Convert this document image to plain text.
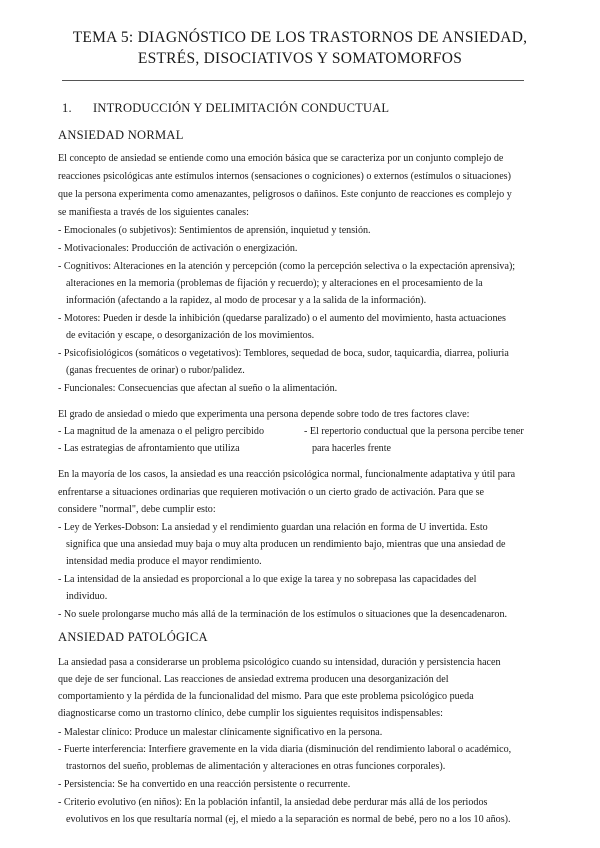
TEMA 5: DIAGNÓSTICO DE LOS TRASTORNOS DE ANSIEDAD,
ESTRÉS, DISOCIATIVOS Y SOMATOMORFOS
1. INTRODUCCIÓN Y DELIMITACIÓN CONDUCTUAL
ANSIEDAD NORMAL
El concepto de ansiedad se entiende como una emoción básica que se caracteriza por un conjunto complejo de
reacciones psicológicas ante estímulos internos (sensaciones o cogniciones) o externos (estímulos o situaciones)
que la persona experimenta como amenazantes, peligrosos o dañinos. Este conjunto de reacciones es complejo y
se manifiesta a través de los siguientes canales:
- Emocionales (o subjetivos): Sentimientos de aprensión, inquietud y tensión.
- Motivacionales: Producción de activación o energización.
- Cognitivos: Alteraciones en la atención y percepción (como la percepción selectiva o la expectación aprensiva);
alteraciones en la memoria (problemas de fijación y recuerdo); y alteraciones en el procesamiento de la
información (afectando a la rapidez, al modo de procesar y a la salida de la información).
- Motores: Pueden ir desde la inhibición (quedarse paralizado) o el aumento del movimiento, hasta actuaciones
de evitación y escape, o desorganización de los movimientos.
- Psicofisiológicos (somáticos o vegetativos): Temblores, sequedad de boca, sudor, taquicardia, diarrea, poliuria
(ganas frecuentes de orinar) o rubor/palidez.
- Funcionales: Consecuencias que afectan al sueño o la alimentación.
El grado de ansiedad o miedo que experimenta una persona depende sobre todo de tres factores clave:
- La magnitud de la amenaza o el peligro percibido	- El repertorio conductual que la persona percibe tener
- Las estrategias de afrontamiento que utiliza	para hacerles frente
En la mayoría de los casos, la ansiedad es una reacción psicológica normal, funcionalmente adaptativa y útil para
enfrentarse a situaciones ordinarias que requieren motivación o un cierto grado de activación. Para que se
considere "normal", debe cumplir esto:
- Ley de Yerkes-Dobson: La ansiedad y el rendimiento guardan una relación en forma de U invertida. Esto
significa que una ansiedad muy baja o muy alta producen un rendimiento bajo, mientras que una ansiedad de
intensidad media produce el mayor rendimiento.
- La intensidad de la ansiedad es proporcional a lo que exige la tarea y no sobrepasa las capacidades del
individuo.
- No suele prolongarse mucho más allá de la terminación de los estímulos o situaciones que la desencadenaron.
ANSIEDAD PATOLÓGICA
La ansiedad pasa a considerarse un problema psicológico cuando su intensidad, duración y persistencia hacen
que deje de ser funcional. Las reacciones de ansiedad extrema producen una desorganización del
comportamiento y la pérdida de la funcionalidad del mismo. Para que este problema psicológico pueda
diagnosticarse como un trastorno clínico, debe cumplir los siguientes requisitos indispensables:
- Malestar clínico: Produce un malestar clínicamente significativo en la persona.
- Fuerte interferencia: Interfiere gravemente en la vida diaria (disminución del rendimiento laboral o académico,
trastornos del sueño, problemas de alimentación y alteraciones en otras funciones corporales).
- Persistencia: Se ha convertido en una reacción persistente o recurrente.
- Criterio evolutivo (en niños): En la población infantil, la ansiedad debe perdurar más allá de los periodos
evolutivos en los que resultaría normal (ej, el miedo a la separación es normal de bebé, pero no a los 10 años).
